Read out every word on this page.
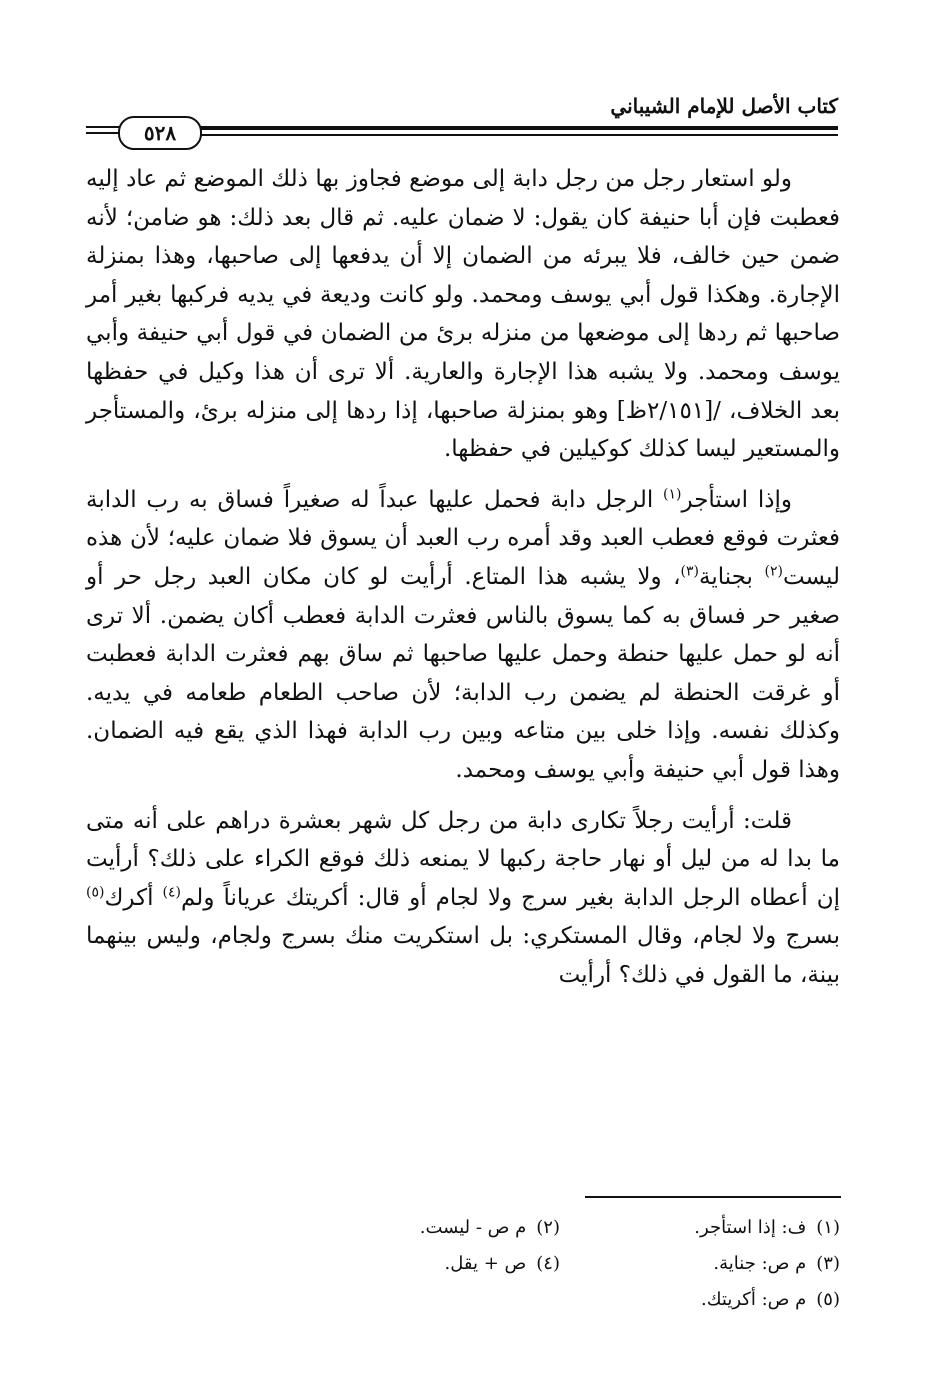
كتاب الأصل للإمام الشيباني
٥٢٨

ولو استعار رجل من رجل دابة إلى موضع فجاوز بها ذلك الموضع ثم عاد إليه فعطبت فإن أبا حنيفة كان يقول: لا ضمان عليه. ثم قال بعد ذلك: هو ضامن؛ لأنه ضمن حين خالف، فلا يبرئه من الضمان إلا أن يدفعها إلى صاحبها، وهذا بمنزلة الإجارة. وهكذا قول أبي يوسف ومحمد. ولو كانت وديعة في يديه فركبها بغير أمر صاحبها ثم ردها إلى موضعها من منزله برئ من الضمان في قول أبي حنيفة وأبي يوسف ومحمد. ولا يشبه هذا الإجارة والعارية. ألا ترى أن هذا وكيل في حفظها بعد الخلاف، /[٢/١٥١ظ] وهو بمنزلة صاحبها، إذا ردها إلى منزله برئ، والمستأجر والمستعير ليسا كذلك كوكيلين في حفظها.

وإذا استأجر$^{(١)}$ الرجل دابة فحمل عليها عبداً له صغيراً فساق به رب الدابة فعثرت فوقع فعطب العبد وقد أمره رب العبد أن يسوق فلا ضمان عليه؛ لأن هذه ليست$^{(٢)}$ بجناية$^{(٣)}$، ولا يشبه هذا المتاع. أرأيت لو كان مكان العبد رجل حر أو صغير حر فساق به كما يسوق بالناس فعثرت الدابة فعطب أكان يضمن. ألا ترى أنه لو حمل عليها حنطة وحمل عليها صاحبها ثم ساق بهم فعثرت الدابة فعطبت أو غرقت الحنطة لم يضمن رب الدابة؛ لأن صاحب الطعام طعامه في يديه. وكذلك نفسه. وإذا خلى بين متاعه وبين رب الدابة فهذا الذي يقع فيه الضمان. وهذا قول أبي حنيفة وأبي يوسف ومحمد.

قلت: أرأيت رجلاً تكارى دابة من رجل كل شهر بعشرة دراهم على أنه متى ما بدا له من ليل أو نهار حاجة ركبها لا يمنعه ذلك فوقع الكراء على ذلك؟ أرأيت إن أعطاه الرجل الدابة بغير سرج ولا لجام أو قال: أكريتك عرياناً ولم$^{(٤)}$ أكرك$^{(٥)}$ بسرج ولا لجام، وقال المستكري: بل استكريت منك بسرج ولجام، وليس بينهما بينة، ما القول في ذلك؟ أرأيت

(١)ف: إذا استأجر.
(٢)م ص - ليست.
(٣)م ص: جناية.
(٤)ص + يقل.
(٥)م ص: أكريتك.
